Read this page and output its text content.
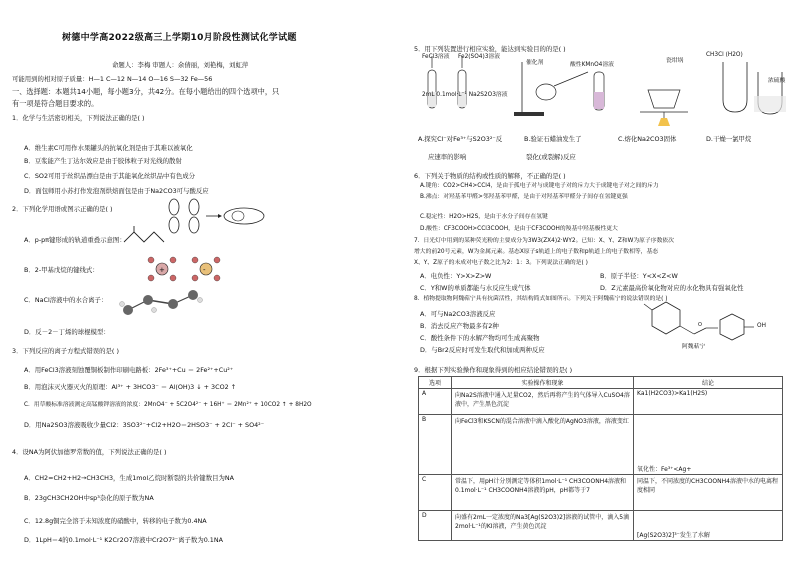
树德中学高2022级高三上学期10月阶段性测试化学试题
命题人：李梅 审题人：余倩丽，刘艳梅，刘虹萍
可能用到的相对原子质量：H—1 C—12 N—14 O—16 S—32 Fe—56
一、选择题：本题共14小题，每小题3分，共42分。在每小题给出的四个选项中，只
有一项是符合题目要求的。
1．化学与生活密切相关，下列说法正确的是( )
A．维生素C可用作水果罐头的抗氧化剂是由于其难以被氧化
B．豆浆能产生丁达尔效应是由于胶体粒子对光线的散射
C．SO2可用于丝织品漂白是由于其能氧化丝织品中有色成分
D．面包师用小苏打作发泡剂烘焙面包是由于Na2CO3可与酸反应
2．下列化学用语或图示正确的是( )
A．p-pπ键形成的轨道重叠示意图：
B．2-甲基戊烷的键线式：	+	-
C．NaCl溶液中的水合离子：
D．反－2－丁烯的球棍模型：
3．下列反应的离子方程式错误的是( )
A．用FeCl3溶液刻蚀覆铜板制作印刷电路板：2Fe³⁺+Cu ＝ 2Fe²⁺+Cu²⁺
B．用泡沫灭火器灭火的原理：Al³⁺ + 3HCO3⁻ ＝ Al(OH)3 ↓ + 3CO2 ↑
C．用草酸标准溶液测定高锰酸钾溶液的浓度：2MnO4⁻ + 5C2O4²⁻ + 16H⁺ ＝ 2Mn²⁺ + 10CO2 ↑ + 8H2O
D．用Na2SO3溶液吸收少量Cl2：3SO3²⁻+Cl2+H2O＝2HSO3⁻ + 2Cl⁻ + SO4²⁻
4．设NA为阿伏加德罗常数的值，下列说法正确的是( )
A．CH2=CH2+H2→CH3CH3，生成1mol乙烷时断裂的共价键数目为NA
B．23gCH3CH2OH中sp³杂化的原子数为NA
C．12.8g铜完全溶于未知浓度的硝酸中，转移的电子数为0.4NA
D．1LpH＝4的0.1mol·L⁻¹ K2Cr2O7溶液中Cr2O7²⁻离子数为0.1NA
5．用下列装置进行相应实验，能达到实验目的的是( )
FeCl3溶液 Fe2(SO4)3溶液
2mL 0.1mol·L⁻¹ Na2S2O3溶液
催化剂	酸性KMnO4溶液
CH3Cl (H2O)
浓硫酸
瓷坩埚
A.探究Cl⁻对Fe³⁺与S2O3²⁻反
应速率的影响
B.验证石蜡油发生了
裂化(或裂解)反应
C.熔化Na2CO3固体	D.干燥一氯甲烷
6．下列关于物质的结构或性质的解释，不正确的是( )
A.键角：CO2>CH4>CCl4，是由于孤电子对与成键电子对的斥力大于成键电子对之间的斥力
B.沸点：对羟基苯甲醛>邻羟基苯甲醛，是由于对羟基苯甲醛分子间存在氢键更强
C.稳定性：H2O>H2S，是由于水分子间存在氢键
D.酸性：CF3COOH>CCl3COOH，是由于CF3COOH的羧基中羟基极性更大
7．日光灯中用到的某种荧光粉的主要成分为3W3(ZX4)2·WY2。已知：X、Y、Z和W为原子序数依次
增大的前20号元素，W为金属元素。基态X原子s轨道上的电子数和p轨道上的电子数相等，基态
X、Y、Z原子的未成对电子数之比为2：1：3。下列说法正确的是( )
A．电负性：Y>X>Z>W	B．原子半径：Y<X<Z<W
C．Y和W的单质都能与水反应生成气体	D．Z元素最高价氧化物对应的水化物具有强氧化性
8．植物提取物阿魏萜宁具有抗菌活性，其结构简式如图所示。下列关于阿魏萜宁的说法错误的是( )
A．可与Na2CO3溶液反应
B．消去反应产物最多有2种
C．酸性条件下的水解产物均可生成高聚物
D．与Br2反应时可发生取代和加成两种反应
O	OH
阿魏萜宁
9．根据下列实验操作和现象得到的相应结论错误的是( )
选项	实验操作和现象	结论
A	向Na2S溶液中通入足量CO2，然后再将产生的气体导入CuSO4溶液中，产生黑色沉淀	Ka1(H2CO3)>Ka1(H2S)
B	向FeCl3和KSCN的混合溶液中滴入酸化的AgNO3溶液，溶液变红	氧化性：Fe³⁺<Ag+
C	常温下，用pH计分别测定等体积1mol·L⁻¹ CH3COONH4溶液和0.1mol·L⁻¹ CH3COONH4溶液的pH，pH都等于7	同温下，不同浓度的CH3COONH4溶液中水的电离程度相同
D	向盛有2mL一定浓度的Na3[Ag(S2O3)2]溶液的试管中，滴入5滴2mol·L⁻¹的KI溶液，产生黄色沉淀	[Ag(S2O3)2]³⁻发生了水解
